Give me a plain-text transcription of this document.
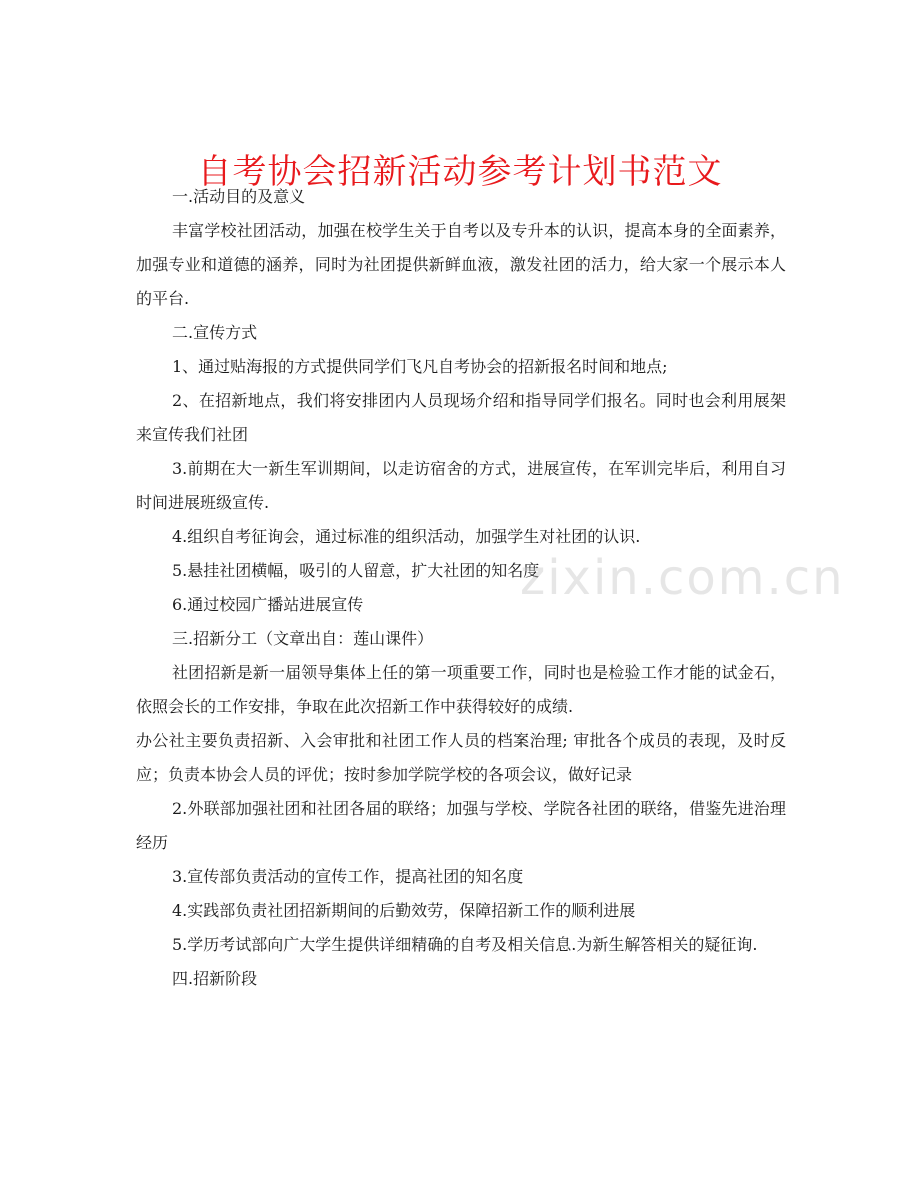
自考协会招新活动参考计划书范文

一.活动目的及意义

丰富学校社团活动，加强在校学生关于自考以及专升本的认识，提高本身的全面素养，加强专业和道德的涵养，同时为社团提供新鲜血液，激发社团的活力，给大家一个展示本人的平台.

二.宣传方式

1、通过贴海报的方式提供同学们飞凡自考协会的招新报名时间和地点;

2、在招新地点，我们将安排团内人员现场介绍和指导同学们报名。同时也会利用展架来宣传我们社团

3.前期在大一新生军训期间，以走访宿舍的方式，进展宣传，在军训完毕后，利用自习时间进展班级宣传.

4.组织自考征询会，通过标准的组织活动，加强学生对社团的认识.

5.悬挂社团横幅，吸引的人留意，扩大社团的知名度

6.通过校园广播站进展宣传

三.招新分工（文章出自：莲山课件）

社团招新是新一届领导集体上任的第一项重要工作，同时也是检验工作才能的试金石，依照会长的工作安排，争取在此次招新工作中获得较好的成绩.

办公社主要负责招新、入会审批和社团工作人员的档案治理; 审批各个成员的表现，及时反应；负责本协会人员的评优；按时参加学院学校的各项会议，做好记录

2.外联部加强社团和社团各届的联络；加强与学校、学院各社团的联络，借鉴先进治理经历

3.宣传部负责活动的宣传工作，提高社团的知名度

4.实践部负责社团招新期间的后勤效劳，保障招新工作的顺利进展

5.学历考试部向广大学生提供详细精确的自考及相关信息.为新生解答相关的疑征询.

四.招新阶段

zixin.com.cn
